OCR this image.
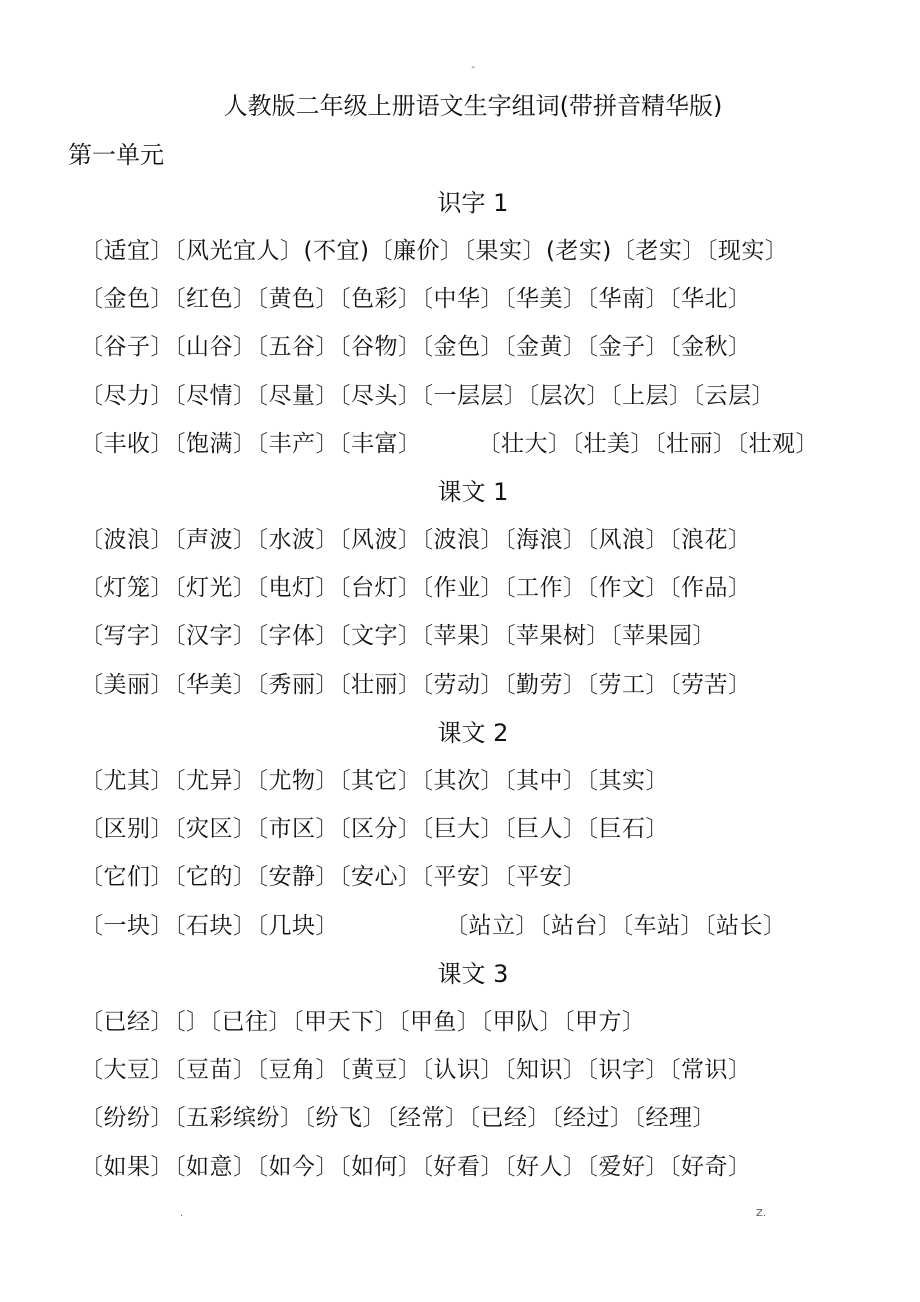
-
人教版二年级上册语文生字组词(带拼音精华版)
第一单元
识字 1
〔适宜〕〔风光宜人〕(不宜)〔廉价〕〔果实〕(老实)〔老实〕〔现实〕
〔金色〕〔红色〕〔黄色〕〔色彩〕〔中华〕〔华美〕〔华南〕〔华北〕
〔谷子〕〔山谷〕〔五谷〕〔谷物〕〔金色〕〔金黄〕〔金子〕〔金秋〕
〔尽力〕〔尽情〕〔尽量〕〔尽头〕〔一层层〕〔层次〕〔上层〕〔云层〕
〔丰收〕〔饱满〕〔丰产〕〔丰富〕 〔壮大〕〔壮美〕〔壮丽〕〔壮观〕
课文 1
〔波浪〕〔声波〕〔水波〕〔风波〕〔波浪〕〔海浪〕〔风浪〕〔浪花〕
〔灯笼〕〔灯光〕〔电灯〕〔台灯〕〔作业〕〔工作〕〔作文〕〔作品〕
〔写字〕〔汉字〕〔字体〕〔文字〕〔苹果〕〔苹果树〕〔苹果园〕
〔美丽〕〔华美〕〔秀丽〕〔壮丽〕〔劳动〕〔勤劳〕〔劳工〕〔劳苦〕
课文 2
〔尤其〕〔尤异〕〔尤物〕〔其它〕〔其次〕〔其中〕〔其实〕
〔区别〕〔灾区〕〔市区〕〔区分〕〔巨大〕〔巨人〕〔巨石〕
〔它们〕〔它的〕〔安静〕〔安心〕〔平安〕〔平安〕
〔一块〕〔石块〕〔几块〕	〔站立〕〔站台〕〔车站〕〔站长〕
课文 3
〔已经〕〔〕〔已往〕〔甲天下〕〔甲鱼〕〔甲队〕〔甲方〕
〔大豆〕〔豆苗〕〔豆角〕〔黄豆〕〔认识〕〔知识〕〔识字〕〔常识〕
〔纷纷〕〔五彩缤纷〕〔纷飞〕〔经常〕〔已经〕〔经过〕〔经理〕
〔如果〕〔如意〕〔如今〕〔如何〕〔好看〕〔好人〕〔爱好〕〔好奇〕
.	Z.
